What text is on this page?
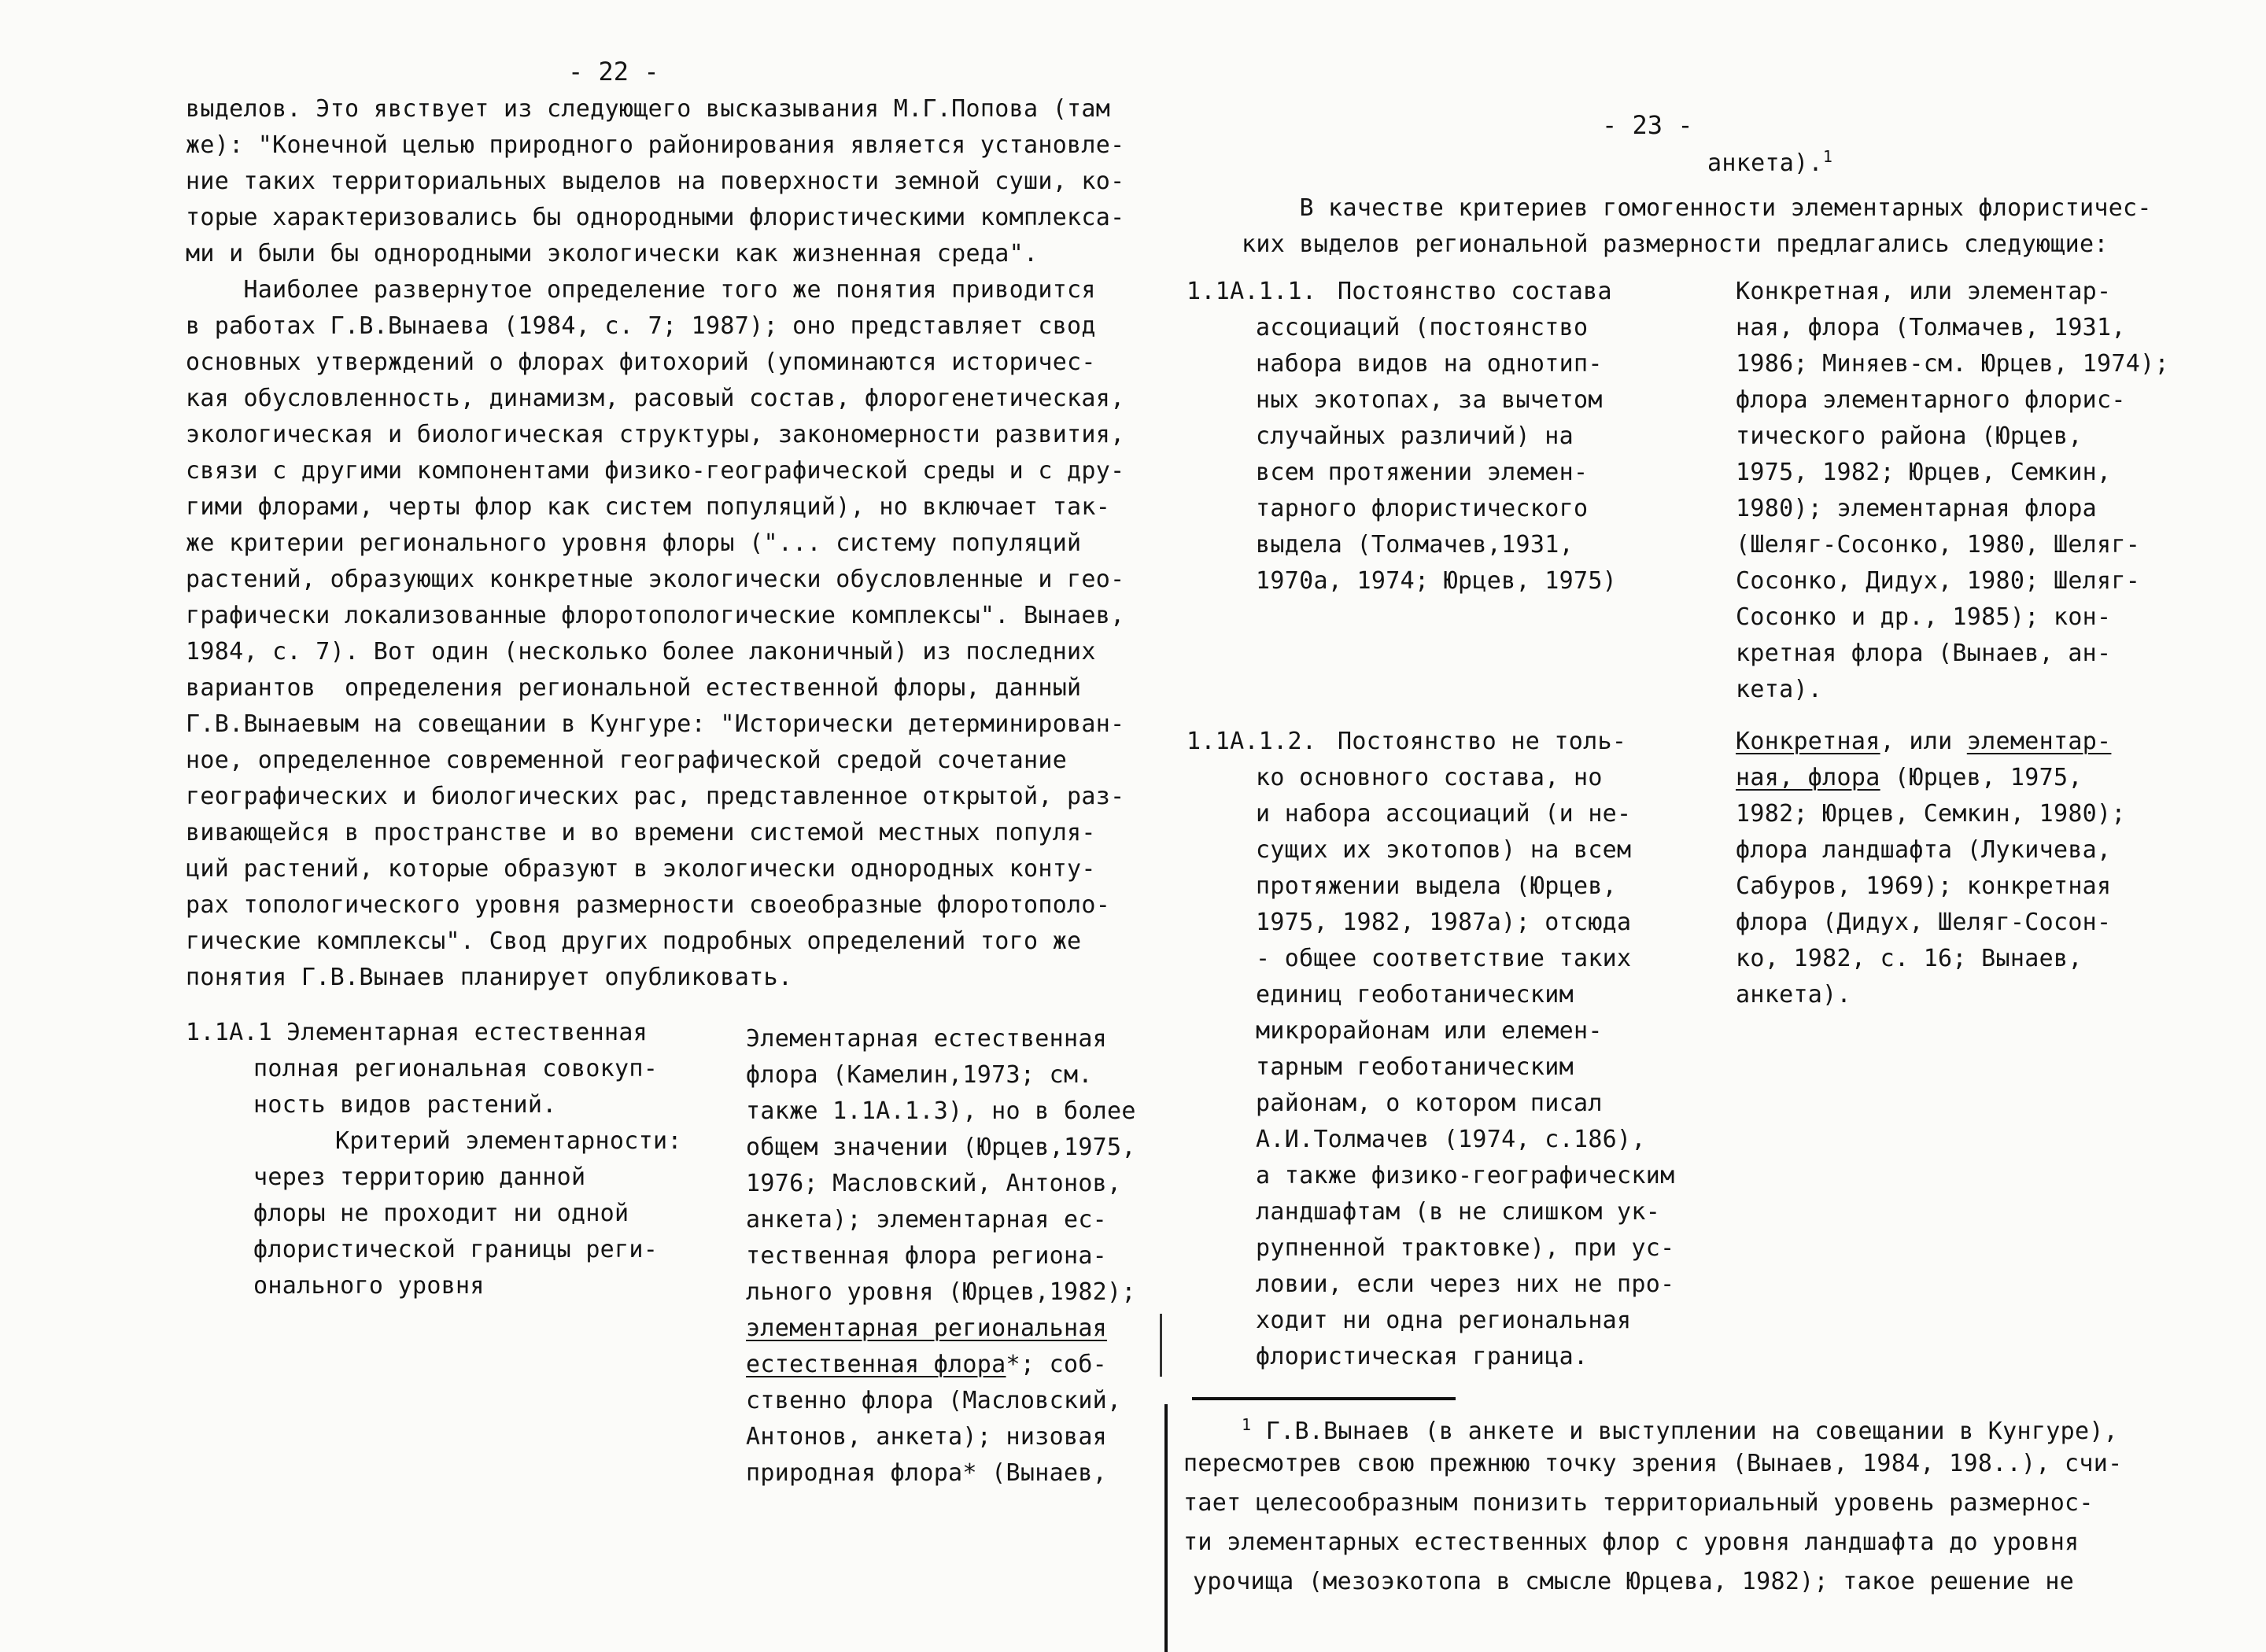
- 22 -
выделов. Это явствует из следующего высказывания М.Г.Попова (там
же): "Конечной целью природного районирования является установле-
ние таких территориальных выделов на поверхности земной суши, ко-
торые характеризовались бы однородными флористическими комплекса-
ми и были бы однородными экологически как жизненная среда".
Наиболее развернутое определение того же понятия приводится
в работах Г.В.Вынаева (1984, с. 7; 1987); оно представляет свод
основных утверждений о флорах фитохорий (упоминаются историчес-
кая обусловленность, динамизм, расовый состав, флорогенетическая,
экологическая и биологическая структуры, закономерности развития,
связи с другими компонентами физико-географической среды и с дру-
гими флорами, черты флор как систем популяций), но включает так-
же критерии регионального уровня флоры ("... систему популяций
растений, образующих конкретные экологически обусловленные и гео-
графически локализованные флоротопологические комплексы". Вынаев,
1984, с. 7). Вот один (несколько более лаконичный) из последних
вариантов  определения региональной естественной флоры, данный
Г.В.Вынаевым на совещании в Кунгуре: "Исторически детерминирован-
ное, определенное современной географической средой сочетание
географических и биологических рас, представленное открытой, раз-
вивающейся в пространстве и во времени системой местных популя-
ций растений, которые образуют в экологически однородных конту-
рах топологического уровня размерности своеобразные флоротополо-
гические комплексы". Свод других подробных определений того же
понятия Г.В.Вынаев планирует опубликовать.
1.1А.1 Элементарная естественная
полная региональная совокуп-
ность видов растений.
Критерий элементарности:
через территорию данной
флоры не проходит ни одной
флористической границы реги-
онального уровня
Элементарная естественная
флора (Камелин,1973; см.
также 1.1А.1.3), но в более
общем значении (Юрцев,1975,
1976; Масловский, Антонов,
анкета); элементарная ес-
тественная флора регионa-
льного уровня (Юрцев,1982);
элементарная региональная
естественная флора*; соб-
ственно флора (Масловский,
Антонов, анкета); низовая
природная флора* (Вынаев,
- 23 -
анкета).$^1$
В качестве критериев гомогенности элементарных флористичес-
ких выделов региональной размерности предлагались следующие:
1.1А.1.1. Постоянство состава
ассоциаций (постоянство
набора видов на однотип-
ных экотопах, за вычетом
случайных различий) на
всем протяжении элемен-
тарного флористического
выдела (Толмачев,1931,
1970а, 1974; Юрцев, 1975)
Конкретная, или элементар-
ная, флора (Толмачев, 1931,
1986; Миняев-см. Юрцев, 1974);
флора элементарного флорис-
тического района (Юрцев,
1975, 1982; Юрцев, Семкин,
1980); элементарная флора
(Шеляг-Сосонко, 1980, Шеляг-
Сосонко, Дидух, 1980; Шеляг-
Сосонко и др., 1985); кон-
кретная флора (Вынаев, ан-
кета).
1.1А.1.2. Постоянство не толь-
ко основного состава, но
и набора ассоциаций (и не-
сущих их экотопов) на всем
протяжении выдела (Юрцев,
1975, 1982, 1987а); отсюда
- общее соответствие таких
единиц геоботаническим
микрорайонам или елемен-
тарным геоботаническим
районам, о котором писал
А.И.Толмачев (1974, с.186),
а также физико-географическим
ландшафтам (в не слишком ук-
рупненной трактовке), при ус-
ловии, если через них не про-
ходит ни одна региональная
флористическая граница.
Конкретная, или элементар-
ная, флора (Юрцев, 1975,
1982; Юрцев, Семкин, 1980);
флора ландшафта (Лукичева,
Сабуров, 1969); конкретная
флора (Дидух, Шеляг-Сосон-
ко, 1982, с. 16; Вынаев,
анкета).
$^1$ Г.В.Вынаев (в анкете и выступлении на совещании в Кунгуре),
пересмотрев свою прежнюю точку зрения (Вынаев, 1984, 198..), счи-
тает целесообразным понизить территориальный уровень размернос-
ти элементарных естественных флор с уровня ландшафта до уровня
урочища (мезоэкотопа в смысле Юрцева, 1982); такое решение не
